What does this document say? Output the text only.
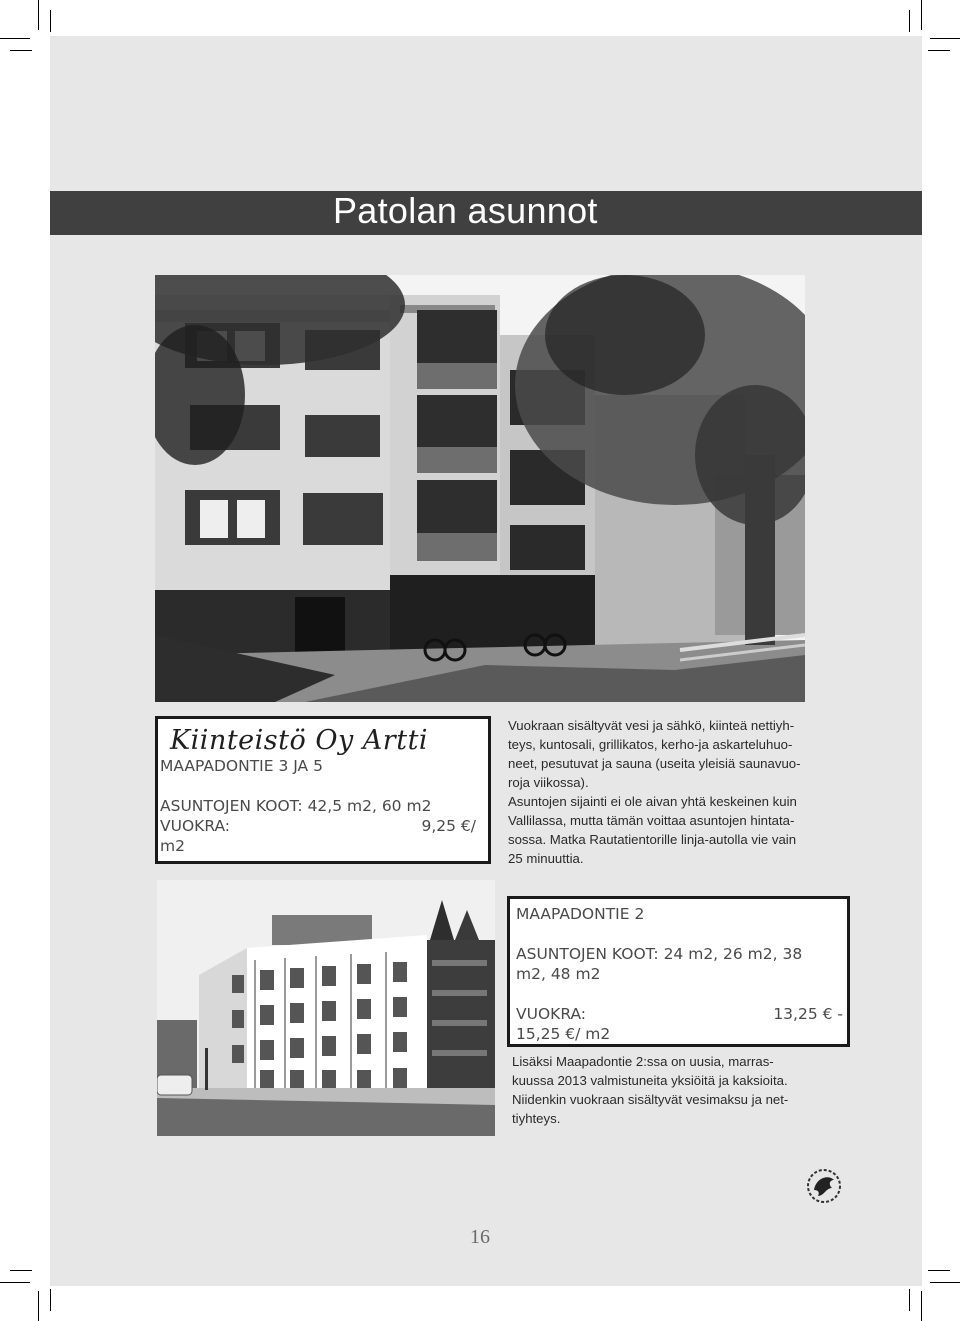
Patolan asunnot
Kiinteistö Oy Artti
MAAPADONTIE 3 JA 5
ASUNTOJEN KOOT: 42,5 m2, 60 m2
VUOKRA:	9,25 €/
m2

Vuokraan sisältyvät vesi ja sähkö, kiinteä nettiyh-

teys, kuntosali, grillikatos, kerho-ja askarteluhuo-

neet, pesutuvat ja sauna (useita yleisiä saunavuo-

roja viikossa).

Asuntojen sijainti ei ole aivan yhtä keskeinen kuin

Vallilassa, mutta tämän voittaa asuntojen hintata-

sossa. Matka Rautatientorille linja-autolla vie vain

25 minuuttia.

MAAPADONTIE 2
ASUNTOJEN KOOT: 24 m2, 26 m2, 38
m2, 48 m2
VUOKRA:	13,25 € -
15,25 €/ m2

Lisäksi Maapadontie 2:ssa on uusia, marras-

kuussa 2013 valmistuneita yksiöitä ja kaksioita.

Niidenkin vuokraan sisältyvät vesimaksu ja net-

tiyhteys.

16
